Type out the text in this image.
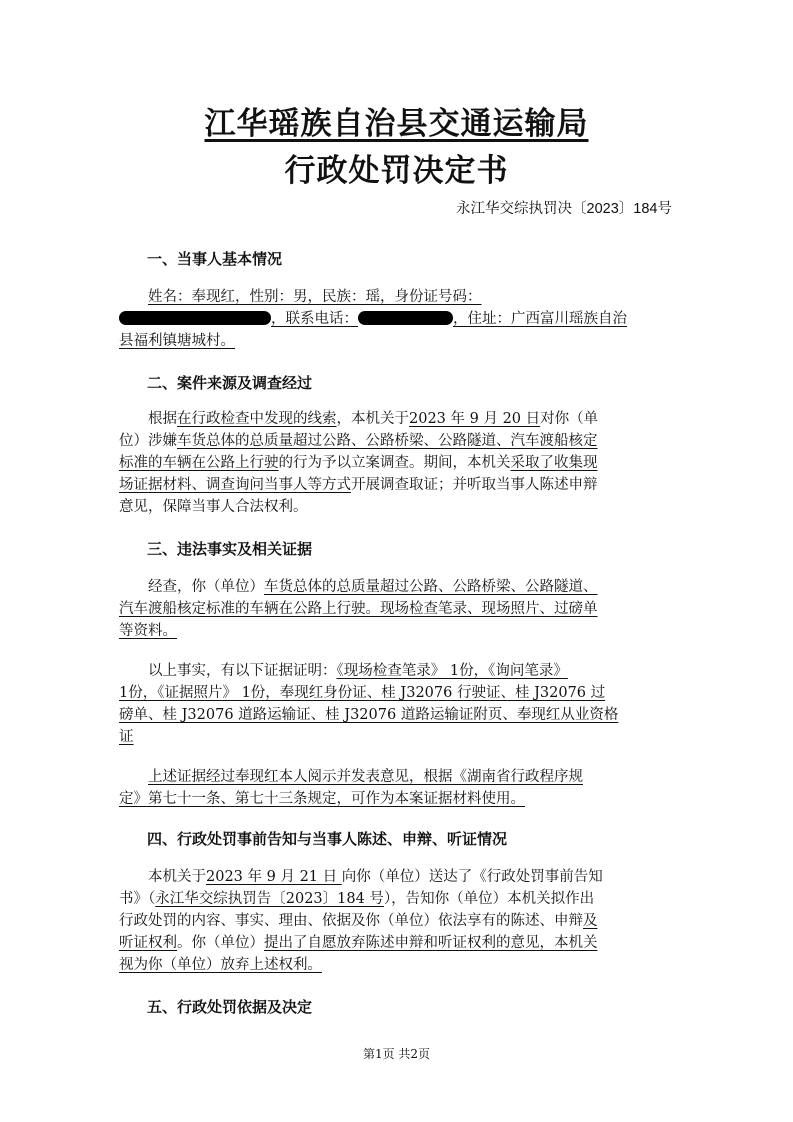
江华瑶族自治县交通运输局
行政处罚决定书
永江华交综执罚决〔2023〕184号
一、当事人基本情况
姓名：奉现红，性别：男，民族：瑶，身份证号码：
，联系电话：	，住址：广西富川瑶族自治
县福利镇塘城村。
二、案件来源及调查经过
根据在行政检查中发现的线索，本机关于2023 年 9 月 20 日对你（单
位）涉嫌车货总体的总质量超过公路、公路桥梁、公路隧道、汽车渡船核定
标准的车辆在公路上行驶的行为予以立案调查。期间，本机关采取了收集现
场证据材料、调查询问当事人等方式开展调查取证；并听取当事人陈述申辩
意见，保障当事人合法权利。
三、违法事实及相关证据
经查，你（单位）车货总体的总质量超过公路、公路桥梁、公路隧道、
汽车渡船核定标准的车辆在公路上行驶。现场检查笔录、现场照片、过磅单
等资料。
以上事实，有以下证据证明：《现场检查笔录》 1份，《询问笔录》
1份，《证据照片》 1份，奉现红身份证、桂 J32076 行驶证、桂 J32076 过
磅单、桂 J32076 道路运输证、桂 J32076 道路运输证附页、奉现红从业资格
证
上述证据经过奉现红本人阅示并发表意见，根据《湖南省行政程序规
定》第七十一条、第七十三条规定，可作为本案证据材料使用。
四、行政处罚事前告知与当事人陈述、申辩、听证情况
本机关于2023 年 9 月 21 日 向你（单位）送达了《行政处罚事前告知
书》（永江华交综执罚告〔2023〕184 号），告知你（单位）本机关拟作出
行政处罚的内容、事实、理由、依据及你（单位）依法享有的陈述、申辩及
听证权利。你（单位）提出了自愿放弃陈述申辩和听证权利的意见，本机关
视为你（单位）放弃上述权利。
五、行政处罚依据及决定
第1页 共2页
